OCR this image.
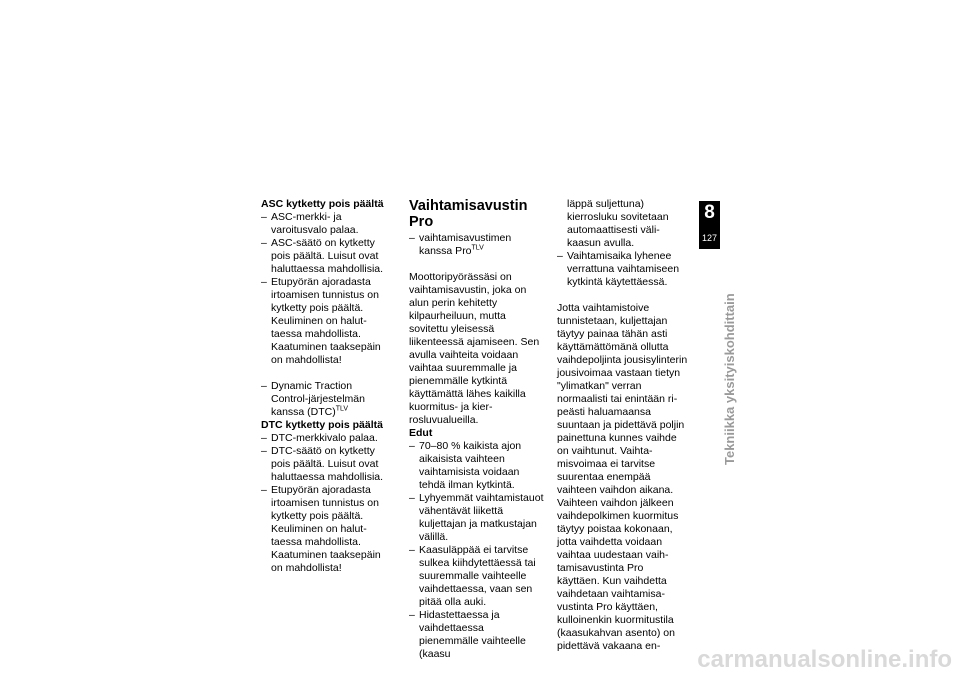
ASC kytketty pois päältä

– ASC-merkki- ja varoitusvalo palaa.
– ASC-säätö on kytketty pois päältä. Luisut ovat haluttaessa mahdollisia.
– Etupyörän ajoradasta irtoamisen tunnistus on kytketty pois päältä. Keuliminen on haluttaessa mahdollista. Kaatuminen taaksepäin on mahdollista!
– Dynamic Traction Control-järjestelmän kanssa (DTC)$^{TLV}$

DTC kytketty pois päältä

– DTC-merkkivalo palaa.
– DTC-säätö on kytketty pois päältä. Luisut ovat haluttaessa mahdollisia.
– Etupyörän ajoradasta irtoamisen tunnistus on kytketty pois päältä. Keuliminen on haluttaessa mahdollista. Kaatuminen taaksepäin on mahdollista!

Vaihtamisavustin Pro

– vaihtamisavustimen kanssa Pro$^{TLV}$

Moottoripyörässäsi on vaihtamisavustin, joka on alun perin kehitetty kilpaurheiluun, mutta sovitettu yleisessä liikenteessä ajamiseen. Sen avulla vaihteita voidaan vaihtaa suuremmalle ja pienemmälle kytkintä käyttämättä lähes kaikilla kuormitus- ja kierrosluvualueilla.

Edut

– 70–80 % kaikista ajon aikaisista vaihteen vaihtamisista voidaan tehdä ilman kytkintä.
– Lyhyemmät vaihtamistauot vähentävät liikettä kuljettajan ja matkustajan välillä.
– Kaasuläppää ei tarvitse sulkea kiihdytettäessä tai suuremmalle vaihteelle vaihdettaessa, vaan sen pitää olla auki.
– Hidastettaessa ja vaihdettaessa pienemmälle vaihteelle (kaasu

läppä suljettuna) kierrosluku sovitetaan automaattisesti välikaasun avulla.

– Vaihtamisaika lyhenee verrattuna vaihtamiseen kytkintä käytettäessä.

Jotta vaihtamistoive tunnistetaan, kuljettajan täytyy painaa tähän asti käyttämättömänä ollutta vaihdepoljinta jousisylinterin jousivoimaa vastaan tietyn "ylimatkan" verran normaalisti tai enintään ripeästi haluamaansa suuntaan ja pidettävä poljin painettuna kunnes vaihde on vaihtunut. Vaihtamisvoimaa ei tarvitse suurentaa enempää vaihteen vaihdon aikana. Vaihteen vaihdon jälkeen vaihdepolkimen kuormitus täytyy poistaa kokonaan, jotta vaihdetta voidaan vaihtaa uudestaan vaihtamisavustinta Pro käyttäen. Kun vaihdetta vaihdetaan vaihtamisavustinta Pro käyttäen, kulloinenkin kuormitustila (kaasukahvan asento) on pidettävä vakaana en-

8
127
Tekniikka yksityiskohdittain
carmanualsonline.info
